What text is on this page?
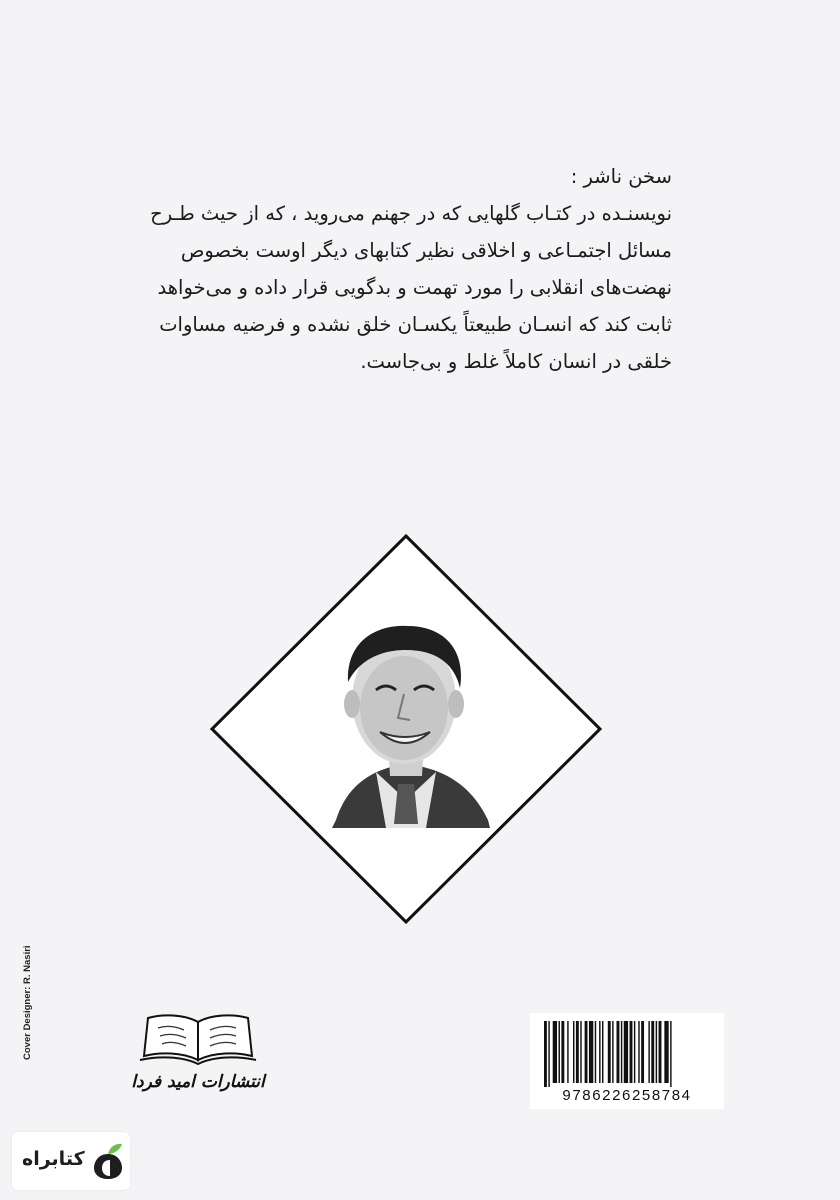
سخن ناشر :

نویسنـده در کتـاب گلهایی که در جهنم می‌روید ، که از حیث طـرح

مسائل اجتمـاعی و اخلاقی نظیر کتابهای دیگر اوست بخصوص

نهضت‌های انقلابی را مورد تهمت و بدگویی قرار داده و می‌خواهد

ثابت کند که انسـان طبیعتاً یکسـان خلق نشده و فرضیه مساوات

خلقی در انسان کاملاً غلط و بی‌جاست.

Cover Designer: R. Nasiri
انتشارات امید فردا
9786226258784
کتابراه
